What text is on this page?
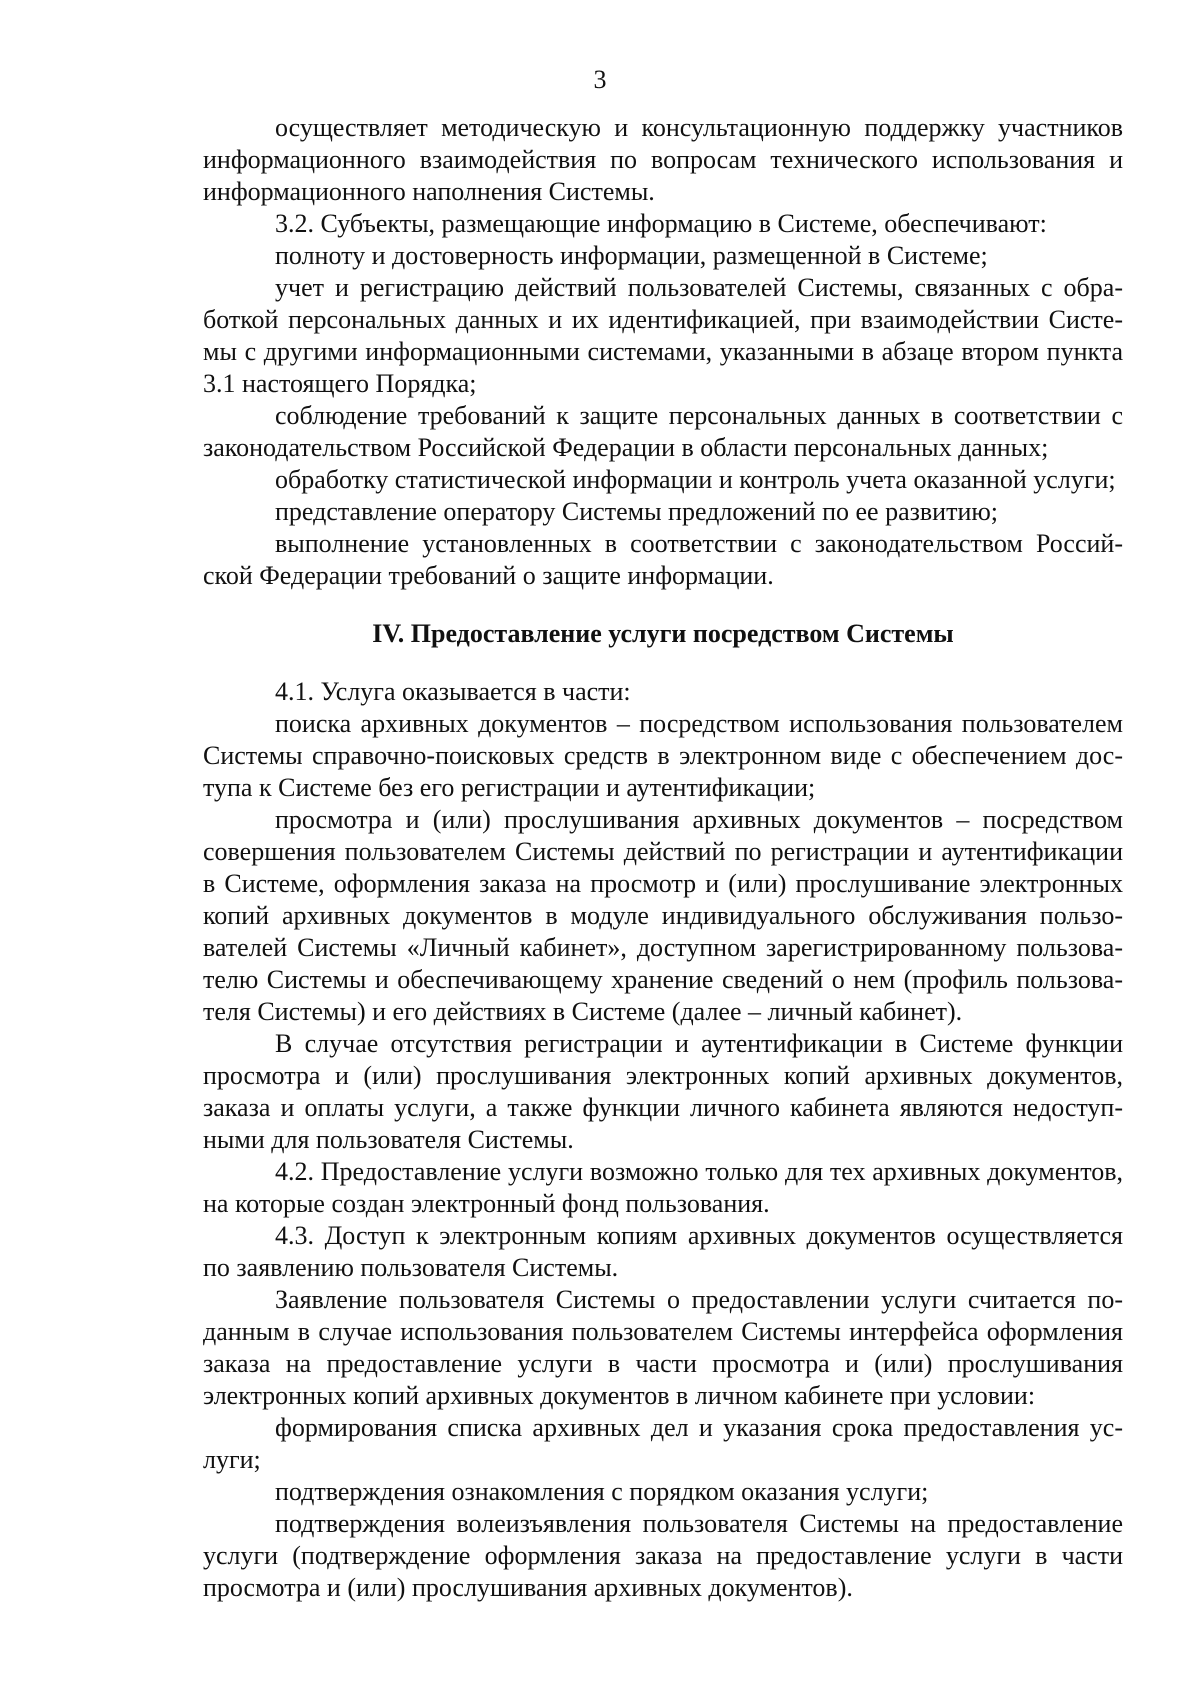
3

осуществляет методическую и консультационную поддержку участников информационного взаимодействия по вопросам технического использования и информационного наполнения Системы.

3.2. Субъекты, размещающие информацию в Системе, обеспечивают:

полноту и достоверность информации, размещенной в Системе;

учет и регистрацию действий пользователей Системы, связанных с обработкой персональных данных и их идентификацией, при взаимодействии Системы с другими информационными системами, указанными в абзаце втором пункта 3.1 настоящего Порядка;

соблюдение требований к защите персональных данных в соответствии с законодательством Российской Федерации в области персональных данных;

обработку статистической информации и контроль учета оказанной услуги;

представление оператору Системы предложений по ее развитию;

выполнение установленных в соответствии с законодательством Российской Федерации требований о защите информации.

IV. Предоставление услуги посредством Системы

4.1. Услуга оказывается в части:

поиска архивных документов – посредством использования пользователем Системы справочно-поисковых средств в электронном виде с обеспечением доступа к Системе без его регистрации и аутентификации;

просмотра и (или) прослушивания архивных документов – посредством совершения пользователем Системы действий по регистрации и аутентификации в Системе, оформления заказа на просмотр и (или) прослушивание электронных копий архивных документов в модуле индивидуального обслуживания пользователей Системы «Личный кабинет», доступном зарегистрированному пользователю Системы и обеспечивающему хранение сведений о нем (профиль пользователя Системы) и его действиях в Системе (далее – личный кабинет).

В случае отсутствия регистрации и аутентификации в Системе функции просмотра и (или) прослушивания электронных копий архивных документов, заказа и оплаты услуги, а также функции личного кабинета являются недоступными для пользователя Системы.

4.2. Предоставление услуги возможно только для тех архивных документов, на которые создан электронный фонд пользования.

4.3. Доступ к электронным копиям архивных документов осуществляется по заявлению пользователя Системы.

Заявление пользователя Системы о предоставлении услуги считается поданным в случае использования пользователем Системы интерфейса оформления заказа на предоставление услуги в части просмотра и (или) прослушивания электронных копий архивных документов в личном кабинете при условии:

формирования списка архивных дел и указания срока предоставления услуги;

подтверждения ознакомления с порядком оказания услуги;

подтверждения волеизъявления пользователя Системы на предоставление услуги (подтверждение оформления заказа на предоставление услуги в части просмотра и (или) прослушивания архивных документов).
